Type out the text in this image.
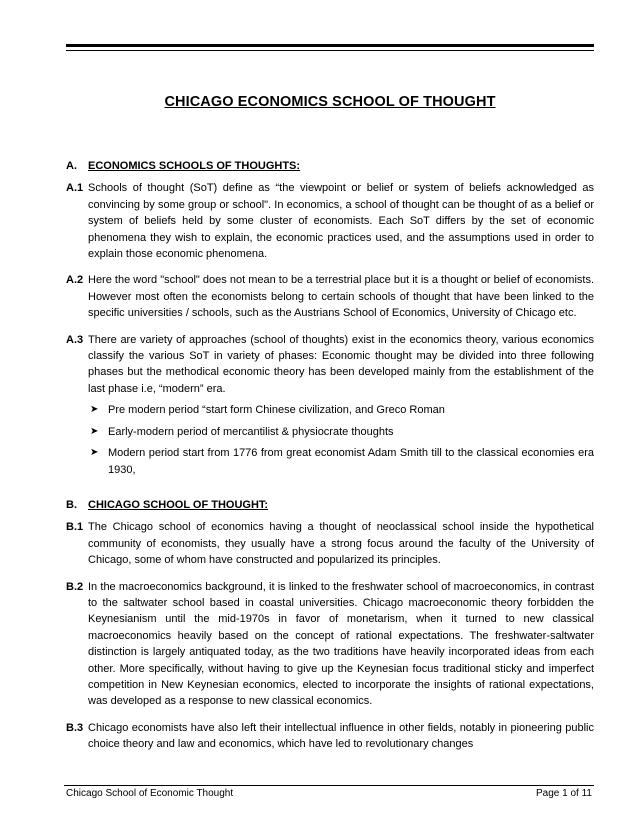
CHICAGO ECONOMICS SCHOOL OF THOUGHT
A.	ECONOMICS SCHOOLS OF THOUGHTS:
A.1 Schools of thought (SoT) define as “the viewpoint or belief or system of beliefs acknowledged as convincing by some group or school". In economics, a school of thought can be thought of as a belief or system of beliefs held by some cluster of economists. Each SoT differs by the set of economic phenomena they wish to explain, the economic practices used, and the assumptions used in order to explain those economic phenomena.
A.2 Here the word "school" does not mean to be a terrestrial place but it is a thought or belief of economists. However most often the economists belong to certain schools of thought that have been linked to the specific universities / schools, such as the Austrians School of Economics, University of Chicago etc.
A.3 There are variety of approaches (school of thoughts) exist in the economics theory, various economics classify the various SoT in variety of phases: Economic thought may be divided into three following phases but the methodical economic theory has been developed mainly from the establishment of the last phase i.e, “modern” era.
➤ Pre modern period “start form Chinese civilization, and Greco Roman
➤ Early-modern period of mercantilist & physiocrate thoughts
➤ Modern period start from 1776 from great economist Adam Smith till to the classical economies era 1930,
B.	CHICAGO SCHOOL OF THOUGHT:
B.1 The Chicago school of economics having a thought of neoclassical school inside the hypothetical community of economists, they usually have a strong focus around the faculty of the University of Chicago, some of whom have constructed and popularized its principles.
B.2 In the macroeconomics background, it is linked to the freshwater school of macroeconomics, in contrast to the saltwater school based in coastal universities. Chicago macroeconomic theory forbidden the Keynesianism until the mid-1970s in favor of monetarism, when it turned to new classical macroeconomics heavily based on the concept of rational expectations. The freshwater-saltwater distinction is largely antiquated today, as the two traditions have heavily incorporated ideas from each other. More specifically, without having to give up the Keynesian focus traditional sticky and imperfect competition in New Keynesian economics, elected to incorporate the insights of rational expectations, was developed as a response to new classical economics.
B.3 Chicago economists have also left their intellectual influence in other fields, notably in pioneering public choice theory and law and economics, which have led to revolutionary changes
Chicago School of Economic Thought	Page 1 of 11
